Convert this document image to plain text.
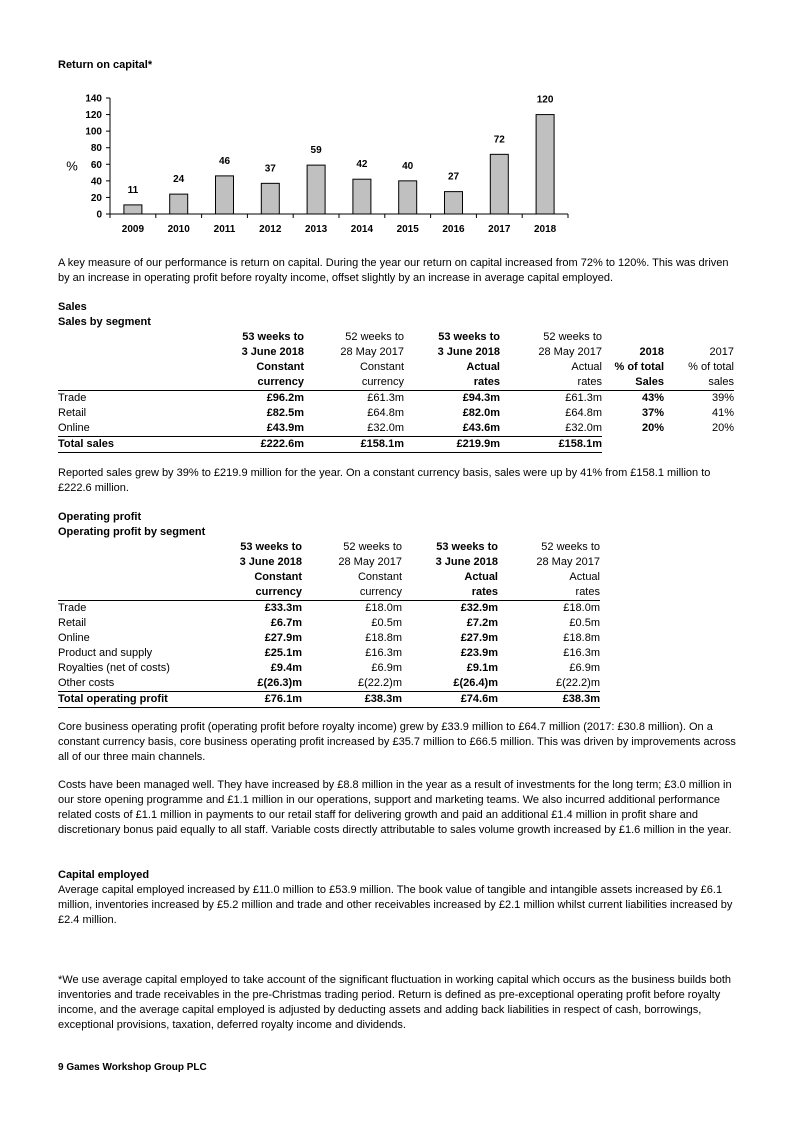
Return on capital*
0
20
40
60
80
100
120
140
%
11
2009
24
2010
46
2011
37
2012
59
2013
42
2014
40
2015
27
2016
72
2017
120
2018

A key measure of our performance is return on capital. During the year our return on capital increased from 72% to 120%. This was driven by an increase in operating profit before royalty income, offset slightly by an increase in average capital employed.

Sales
Sales by segment
	53 weeks to	52 weeks to	53 weeks to	52 weeks to		
	3 June 2018	28 May 2017	3 June 2018	28 May 2017	2018	2017
	Constant	Constant	Actual	Actual	% of total	% of total
	currency	currency	rates	rates	Sales	sales
Trade	£96.2m	£61.3m	£94.3m	£61.3m	43%	39%
Retail	£82.5m	£64.8m	£82.0m	£64.8m	37%	41%
Online	£43.9m	£32.0m	£43.6m	£32.0m	20%	20%
Total sales	£222.6m	£158.1m	£219.9m	£158.1m		

Reported sales grew by 39% to £219.9 million for the year. On a constant currency basis, sales were up by 41% from £158.1 million to £222.6 million.

Operating profit
Operating profit by segment
	53 weeks to	52 weeks to	53 weeks to	52 weeks to
	3 June 2018	28 May 2017	3 June 2018	28 May 2017
	Constant	Constant	Actual	Actual
	currency	currency	rates	rates
Trade	£33.3m	£18.0m	£32.9m	£18.0m
Retail	£6.7m	£0.5m	£7.2m	£0.5m
Online	£27.9m	£18.8m	£27.9m	£18.8m
Product and supply	£25.1m	£16.3m	£23.9m	£16.3m
Royalties (net of costs)	£9.4m	£6.9m	£9.1m	£6.9m
Other costs	£(26.3)m	£(22.2)m	£(26.4)m	£(22.2)m
Total operating profit	£76.1m	£38.3m	£74.6m	£38.3m

Core business operating profit (operating profit before royalty income) grew by £33.9 million to £64.7 million (2017: £30.8 million). On a constant currency basis, core business operating profit increased by £35.7 million to £66.5 million. This was driven by improvements across all of our three main channels.

Costs have been managed well. They have increased by £8.8 million in the year as a result of investments for the long term; £3.0 million in our store opening programme and £1.1 million in our operations, support and marketing teams. We also incurred additional performance related costs of £1.1 million in payments to our retail staff for delivering growth and paid an additional £1.4 million in profit share and discretionary bonus paid equally to all staff. Variable costs directly attributable to sales volume growth increased by £1.6 million in the year.

Capital employed

Average capital employed increased by £11.0 million to £53.9 million. The book value of tangible and intangible assets increased by £6.1 million, inventories increased by £5.2 million and trade and other receivables increased by £2.1 million whilst current liabilities increased by £2.4 million.

*We use average capital employed to take account of the significant fluctuation in working capital which occurs as the business builds both inventories and trade receivables in the pre-Christmas trading period. Return is defined as pre-exceptional operating profit before royalty income, and the average capital employed is adjusted by deducting assets and adding back liabilities in respect of cash, borrowings, exceptional provisions, taxation, deferred royalty income and dividends.

9 Games Workshop Group PLC
